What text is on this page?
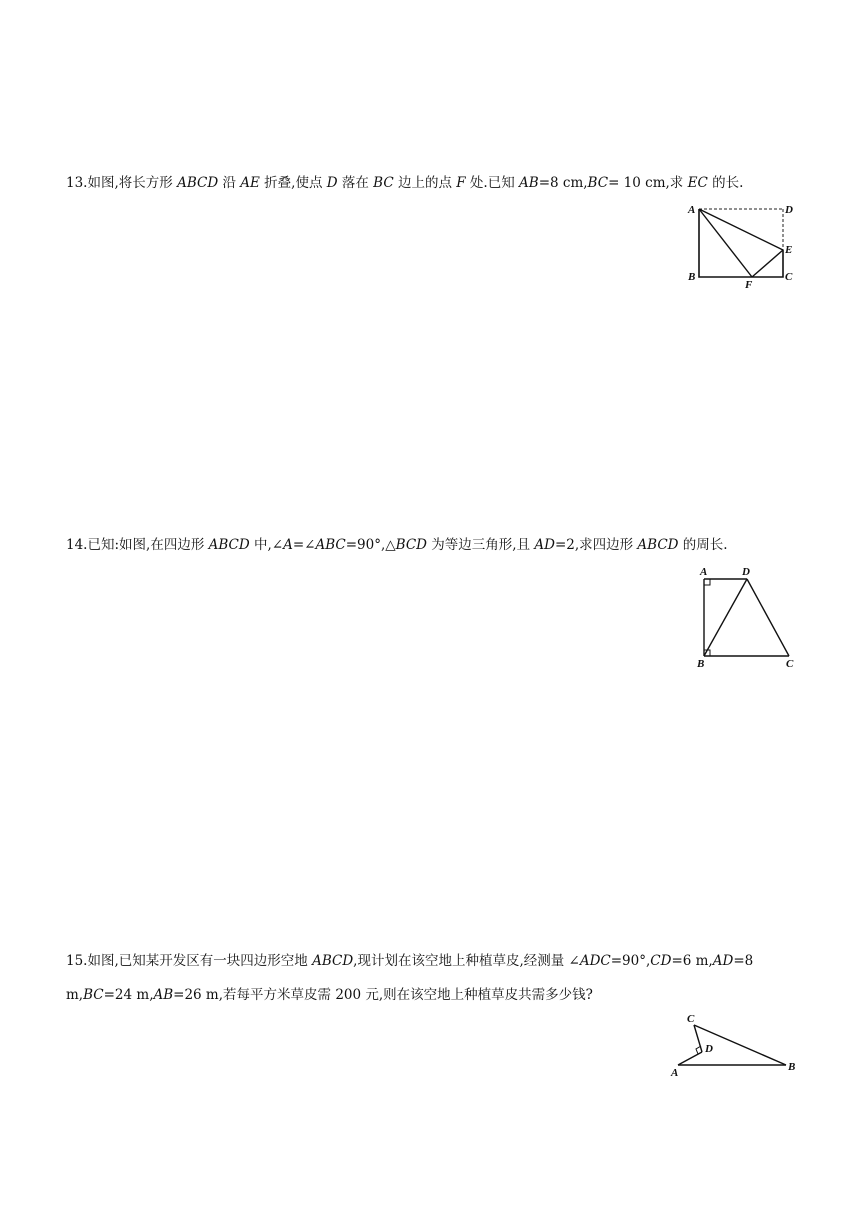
13.如图,将长方形 ABCD 沿 AE 折叠,使点 D 落在 BC 边上的点 F 处.已知 AB=8 cm,BC= 10 cm,求 EC 的长.
A	D
E
B	C
F
14.已知:如图,在四边形 ABCD 中,∠A=∠ABC=90°,△BCD 为等边三角形,且 AD=2,求四边形 ABCD 的周长.
A	D
B	C
15.如图,已知某开发区有一块四边形空地 ABCD,现计划在该空地上种植草皮,经测量 ∠ADC=90°,CD=6 m,AD=8 m,BC=24 m,AB=26 m,若每平方米草皮需 200 元,则在该空地上种植草皮共需多少钱?
C
D
A	B
